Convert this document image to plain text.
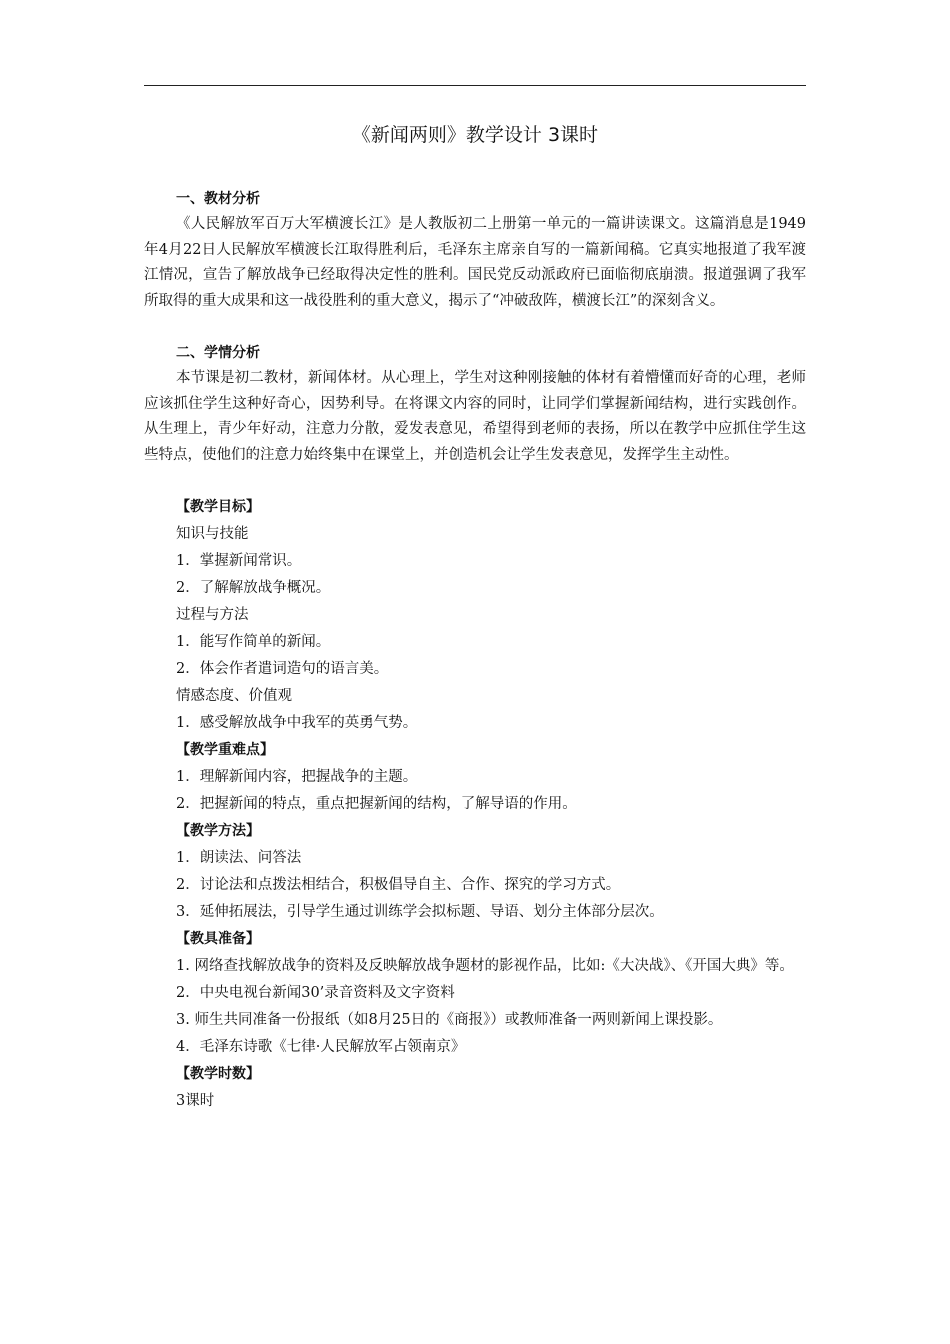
《新闻两则》教学设计 3课时
一、教材分析
《人民解放军百万大军横渡长江》是人教版初二上册第一单元的一篇讲读课文。这篇消息是1949年4月22日人民解放军横渡长江取得胜利后，毛泽东主席亲自写的一篇新闻稿。它真实地报道了我军渡江情况，宣告了解放战争已经取得决定性的胜利。国民党反动派政府已面临彻底崩溃。报道强调了我军所取得的重大成果和这一战役胜利的重大意义，揭示了“冲破敌阵，横渡长江”的深刻含义。
二、学情分析
本节课是初二教材，新闻体材。从心理上，学生对这种刚接触的体材有着懵懂而好奇的心理，老师应该抓住学生这种好奇心，因势利导。在将课文内容的同时，让同学们掌握新闻结构，进行实践创作。从生理上，青少年好动，注意力分散，爱发表意见，希望得到老师的表扬，所以在教学中应抓住学生这些特点，使他们的注意力始终集中在课堂上，并创造机会让学生发表意见，发挥学生主动性。
【教学目标】
知识与技能
1．掌握新闻常识。
2．了解解放战争概况。
过程与方法
1．能写作简单的新闻。
2．体会作者遣词造句的语言美。
情感态度、价值观
1．感受解放战争中我军的英勇气势。
【教学重难点】
1．理解新闻内容，把握战争的主题。
2．把握新闻的特点，重点把握新闻的结构，了解导语的作用。
【教学方法】
1．朗读法、问答法
2．讨论法和点拨法相结合，积极倡导自主、合作、探究的学习方式。
3．延伸拓展法，引导学生通过训练学会拟标题、导语、划分主体部分层次。
【教具准备】
1. 网络查找解放战争的资料及反映解放战争题材的影视作品，比如:《大决战》、《开国大典》等。
2．中央电视台新闻30’录音资料及文字资料
3. 师生共同准备一份报纸（如8月25日的《商报》）或教师准备一两则新闻上课投影。
4．毛泽东诗歌《七律·人民解放军占领南京》
【教学时数】
3课时
